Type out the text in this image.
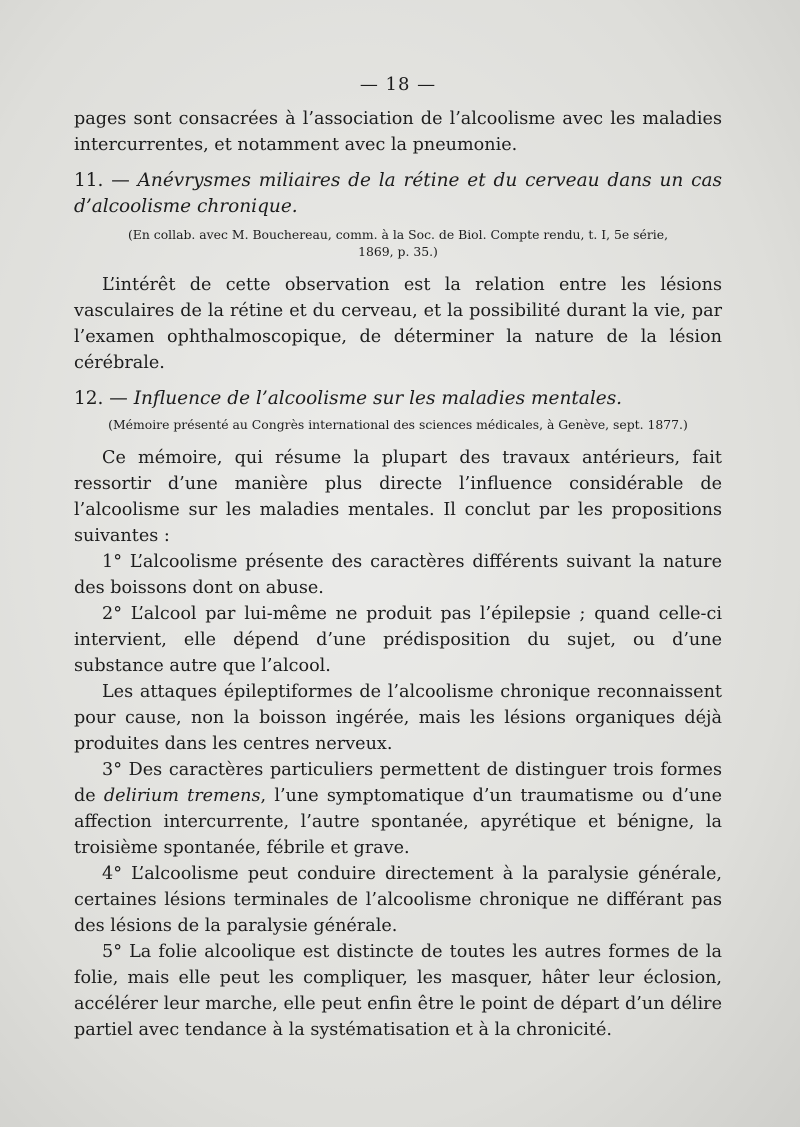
— 18 —

pages sont consacrées à l’association de l’alcoolisme avec les maladies intercurrentes, et notamment avec la pneumonie.

11. — Anévrysmes miliaires de la rétine et du cerveau dans un cas d’alcoolisme chronique.
(En collab. avec M. Bouchereau, comm. à la Soc. de Biol. Compte rendu, t. I, 5e série, 1869, p. 35.)

L’intérêt de cette observation est la relation entre les lésions vasculaires de la rétine et du cerveau, et la possibilité durant la vie, par l’examen ophthalmoscopique, de déterminer la nature de la lésion cérébrale.

12. — Influence de l’alcoolisme sur les maladies mentales.
(Mémoire présenté au Congrès international des sciences médicales, à Genève, sept. 1877.)

Ce mémoire, qui résume la plupart des travaux antérieurs, fait ressortir d’une manière plus directe l’influence considérable de l’alcoolisme sur les maladies mentales. Il conclut par les propositions suivantes :

1° L’alcoolisme présente des caractères différents suivant la nature des boissons dont on abuse.

2° L’alcool par lui-même ne produit pas l’épilepsie ; quand celle-ci intervient, elle dépend d’une prédisposition du sujet, ou d’une substance autre que l’alcool.

Les attaques épileptiformes de l’alcoolisme chronique reconnaissent pour cause, non la boisson ingérée, mais les lésions organiques déjà produites dans les centres nerveux.

3° Des caractères particuliers permettent de distinguer trois formes de delirium tremens, l’une symptomatique d’un traumatisme ou d’une affection intercurrente, l’autre spontanée, apyrétique et bénigne, la troisième spontanée, fébrile et grave.

4° L’alcoolisme peut conduire directement à la paralysie générale, certaines lésions terminales de l’alcoolisme chronique ne différant pas des lésions de la paralysie générale.

5° La folie alcoolique est distincte de toutes les autres formes de la folie, mais elle peut les compliquer, les masquer, hâter leur éclosion, accélérer leur marche, elle peut enfin être le point de départ d’un délire partiel avec tendance à la systématisation et à la chronicité.
